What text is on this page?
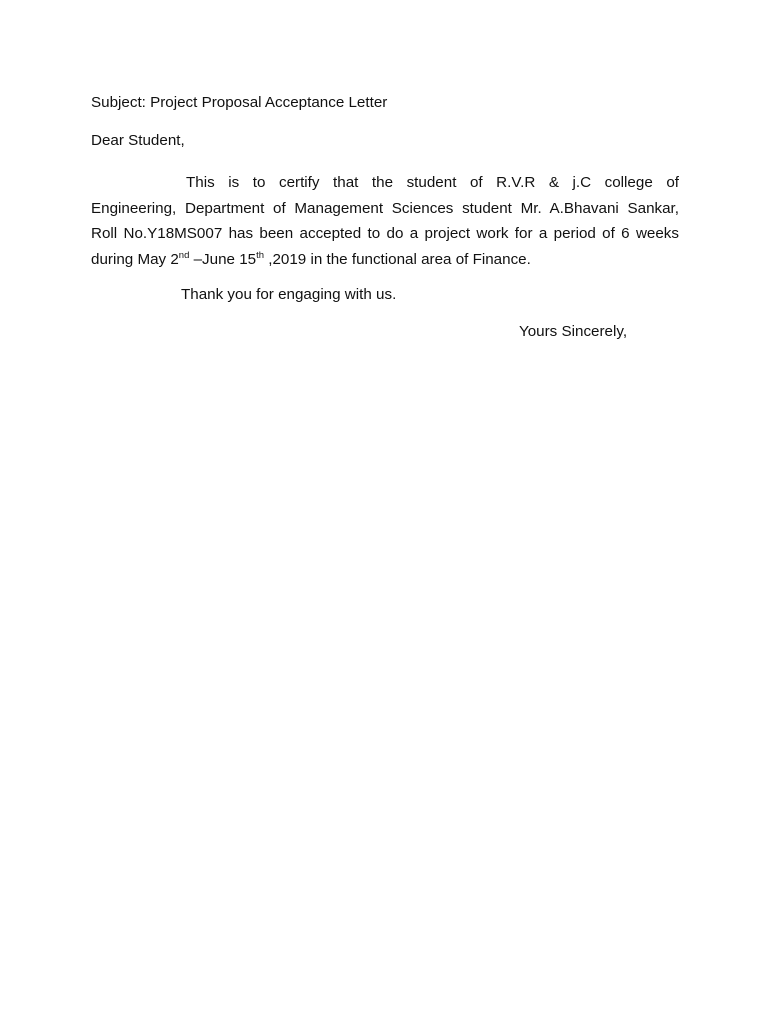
Subject: Project Proposal Acceptance Letter
Dear Student,
This is to certify that the student of R.V.R & j.C college of
Engineering, Department of Management Sciences student Mr. A.Bhavani Sankar,
Roll No.Y18MS007 has been accepted to do a project work for a period of 6 weeks
during May 2nd –June 15th ,2019 in the functional area of Finance.
Thank you for engaging with us.
Yours Sincerely,
